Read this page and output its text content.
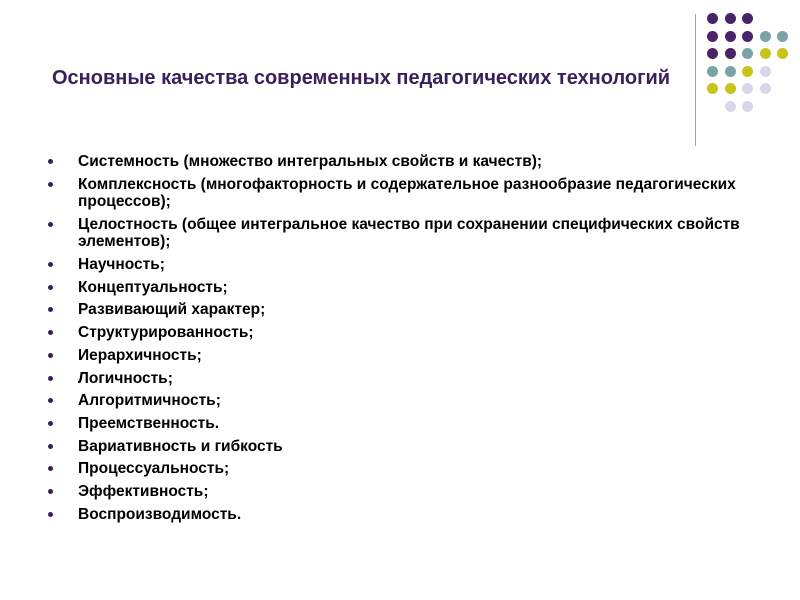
Основные качества современных педагогических технологий
Системность (множество интегральных свойств и качеств);
Комплексность (многофакторность и содержательное разнообразие педагогических процессов);
Целостность (общее интегральное качество при сохранении специфических свойств элементов);
Научность;
Концептуальность;
Развивающий характер;
Структурированность;
Иерархичность;
Логичность;
Алгоритмичность;
Преемственность.
Вариативность и гибкость
Процессуальность;
Эффективность;
Воспроизводимость.
